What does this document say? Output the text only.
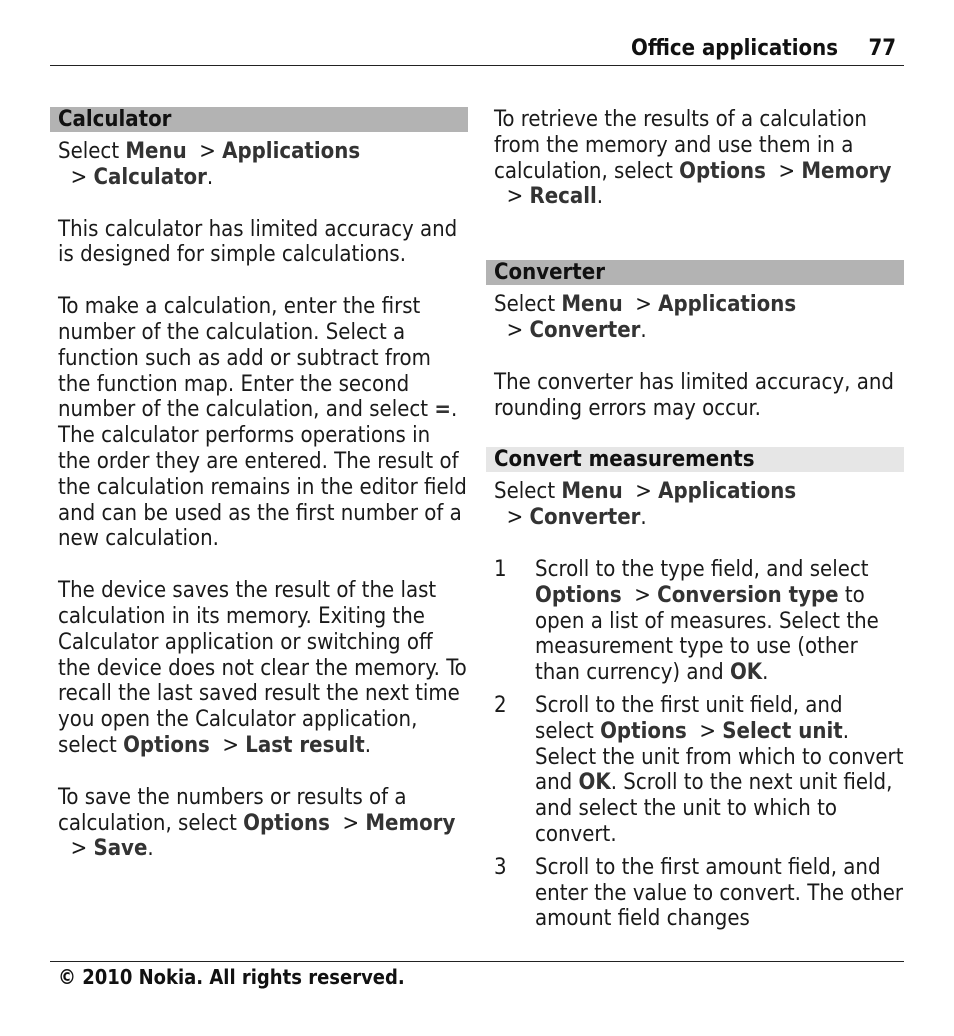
Office applications 77
Calculator

Select Menu  > Applications  > Calculator.

This calculator has limited accuracy and is designed for simple calculations.

To make a calculation, enter the first number of the calculation. Select a function such as add or subtract from the function map. Enter the second number of the calculation, and select =. The calculator performs operations in the order they are entered. The result of the calculation remains in the editor field and can be used as the first number of a new calculation.

The device saves the result of the last calculation in its memory. Exiting the Calculator application or switching off the device does not clear the memory. To recall the last saved result the next time you open the Calculator application, select Options  > Last result.

To save the numbers or results of a calculation, select Options  > Memory  > Save.

To retrieve the results of a calculation from the memory and use them in a calculation, select Options  > Memory  > Recall.

Converter

Select Menu  > Applications  > Converter.

The converter has limited accuracy, and rounding errors may occur.

Convert measurements

Select Menu  > Applications  > Converter.

1 Scroll to the type field, and select Options  > Conversion type to open a list of measures. Select the measurement type to use (other than currency) and OK.
2 Scroll to the first unit field, and select Options  > Select unit. Select the unit from which to convert and OK. Scroll to the next unit field, and select the unit to which to convert.
3 Scroll to the first amount field, and enter the value to convert. The other amount field changes
© 2010 Nokia. All rights reserved.
